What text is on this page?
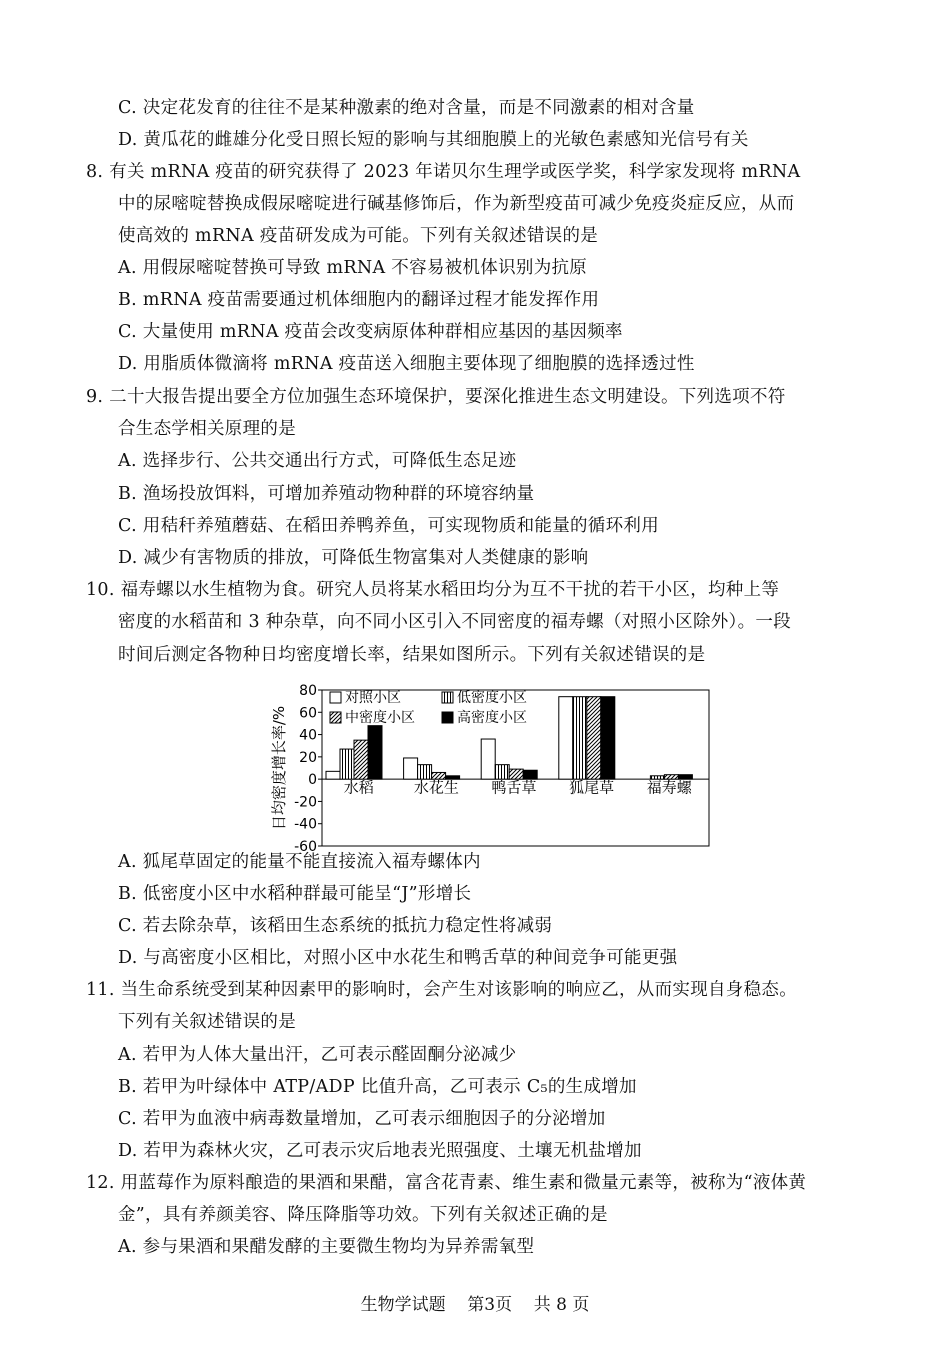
C. 决定花发育的往往不是某种激素的绝对含量，而是不同激素的相对含量
D. 黄瓜花的雌雄分化受日照长短的影响与其细胞膜上的光敏色素感知光信号有关
8. 有关 mRNA 疫苗的研究获得了 2023 年诺贝尔生理学或医学奖，科学家发现将 mRNA
中的尿嘧啶替换成假尿嘧啶进行碱基修饰后，作为新型疫苗可减少免疫炎症反应，从而
使高效的 mRNA 疫苗研发成为可能。下列有关叙述错误的是
A. 用假尿嘧啶替换可导致 mRNA 不容易被机体识别为抗原
B. mRNA 疫苗需要通过机体细胞内的翻译过程才能发挥作用
C. 大量使用 mRNA 疫苗会改变病原体种群相应基因的基因频率
D. 用脂质体微滴将 mRNA 疫苗送入细胞主要体现了细胞膜的选择透过性
9. 二十大报告提出要全方位加强生态环境保护，要深化推进生态文明建设。下列选项不符
合生态学相关原理的是
A. 选择步行、公共交通出行方式，可降低生态足迹
B. 渔场投放饵料，可增加养殖动物种群的环境容纳量
C. 用秸秆养殖蘑菇、在稻田养鸭养鱼，可实现物质和能量的循环利用
D. 减少有害物质的排放，可降低生物富集对人类健康的影响
10. 福寿螺以水生植物为食。研究人员将某水稻田均分为互不干扰的若干小区，均种上等
密度的水稻苗和 3 种杂草，向不同小区引入不同密度的福寿螺（对照小区除外）。一段
时间后测定各物种日均密度增长率，结果如图所示。下列有关叙述错误的是
A. 狐尾草固定的能量不能直接流入福寿螺体内
B. 低密度小区中水稻种群最可能呈“J”形增长
C. 若去除杂草，该稻田生态系统的抵抗力稳定性将减弱
D. 与高密度小区相比，对照小区中水花生和鸭舌草的种间竞争可能更强
11. 当生命系统受到某种因素甲的影响时，会产生对该影响的响应乙，从而实现自身稳态。
下列有关叙述错误的是
A. 若甲为人体大量出汗，乙可表示醛固酮分泌减少
B. 若甲为叶绿体中 ATP/ADP 比值升高，乙可表示 C₅的生成增加
C. 若甲为血液中病毒数量增加，乙可表示细胞因子的分泌增加
D. 若甲为森林火灾，乙可表示灾后地表光照强度、土壤无机盐增加
12. 用蓝莓作为原料酿造的果酒和果醋，富含花青素、维生素和微量元素等，被称为“液体黄
金”，具有养颜美容、降压降脂等功效。下列有关叙述正确的是
A. 参与果酒和果醋发酵的主要微生物均为异养需氧型
80
60
40
20
0
-20
-40
-60
日均密度增长率/%	水稻	水花生 鸭舌草 狐尾草 福寿螺
对照小区	低密度小区
中密度小区	高密度小区
生物学试题    第3页    共 8 页
